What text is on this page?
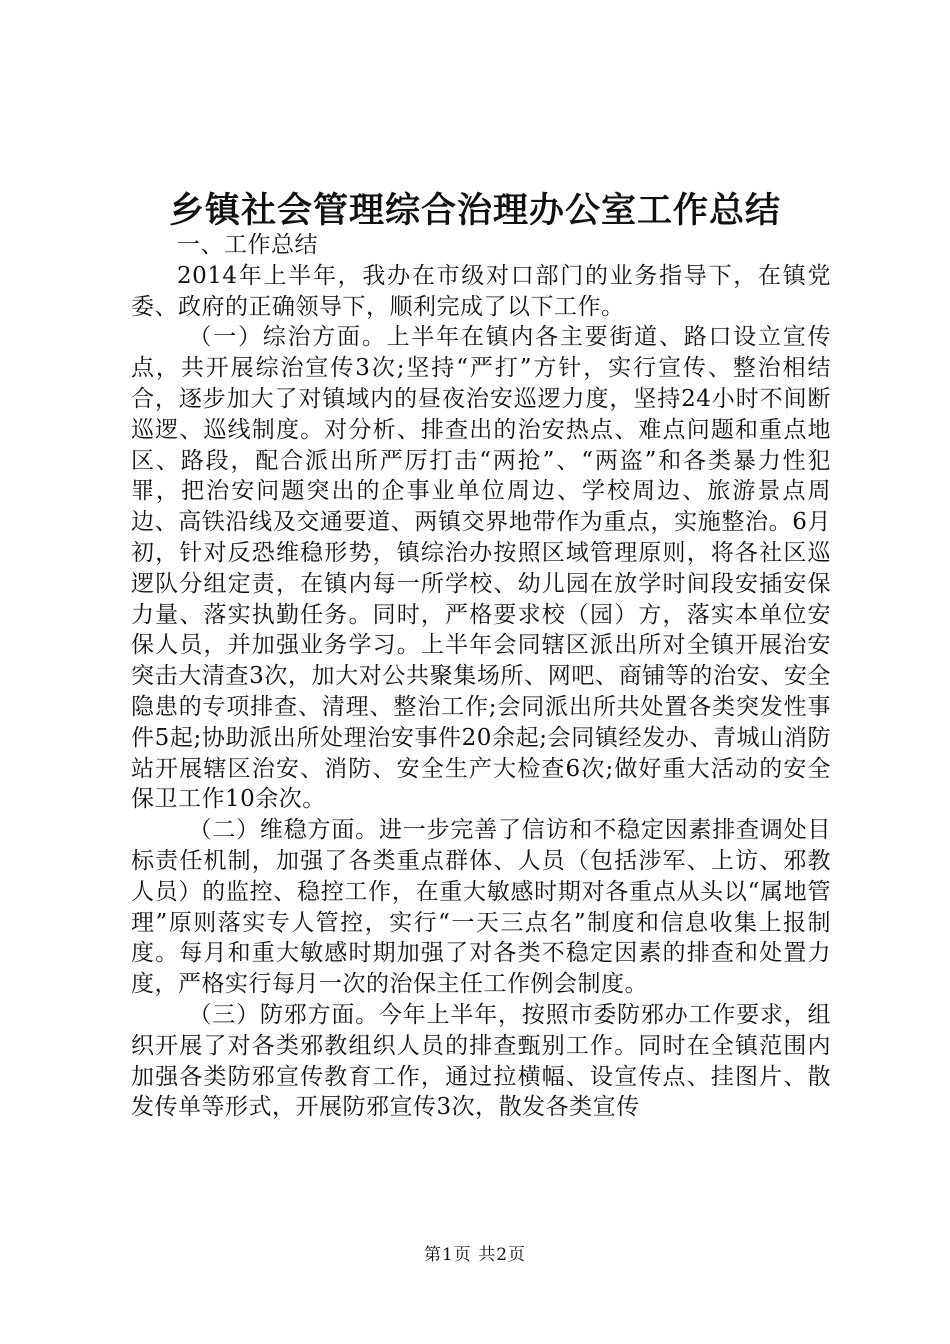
乡镇社会管理综合治理办公室工作总结

一、工作总结

2014年上半年，我办在市级对口部门的业务指导下，在镇党委、政府的正确领导下，顺利完成了以下工作。

（一）综治方面。上半年在镇内各主要街道、路口设立宣传点，共开展综治宣传3次;坚持“严打”方针，实行宣传、整治相结合，逐步加大了对镇域内的昼夜治安巡逻力度，坚持24小时不间断巡逻、巡线制度。对分析、排查出的治安热点、难点问题和重点地区、路段，配合派出所严厉打击“两抢”、“两盗”和各类暴力性犯罪，把治安问题突出的企事业单位周边、学校周边、旅游景点周边、高铁沿线及交通要道、两镇交界地带作为重点，实施整治。6月初，针对反恐维稳形势，镇综治办按照区域管理原则，将各社区巡逻队分组定责，在镇内每一所学校、幼儿园在放学时间段安插安保力量、落实执勤任务。同时，严格要求校（园）方，落实本单位安保人员，并加强业务学习。上半年会同辖区派出所对全镇开展治安突击大清查3次，加大对公共聚集场所、网吧、商铺等的治安、安全隐患的专项排查、清理、整治工作;会同派出所共处置各类突发性事件5起;协助派出所处理治安事件20余起;会同镇经发办、青城山消防站开展辖区治安、消防、安全生产大检查6次;做好重大活动的安全保卫工作10余次。

（二）维稳方面。进一步完善了信访和不稳定因素排查调处目标责任机制，加强了各类重点群体、人员（包括涉军、上访、邪教人员）的监控、稳控工作，在重大敏感时期对各重点从头以“属地管理”原则落实专人管控，实行“一天三点名”制度和信息收集上报制度。每月和重大敏感时期加强了对各类不稳定因素的排查和处置力度，严格实行每月一次的治保主任工作例会制度。

（三）防邪方面。今年上半年，按照市委防邪办工作要求，组织开展了对各类邪教组织人员的排查甄别工作。同时在全镇范围内加强各类防邪宣传教育工作，通过拉横幅、设宣传点、挂图片、散发传单等形式，开展防邪宣传3次，散发各类宣传

第1页 共2页
